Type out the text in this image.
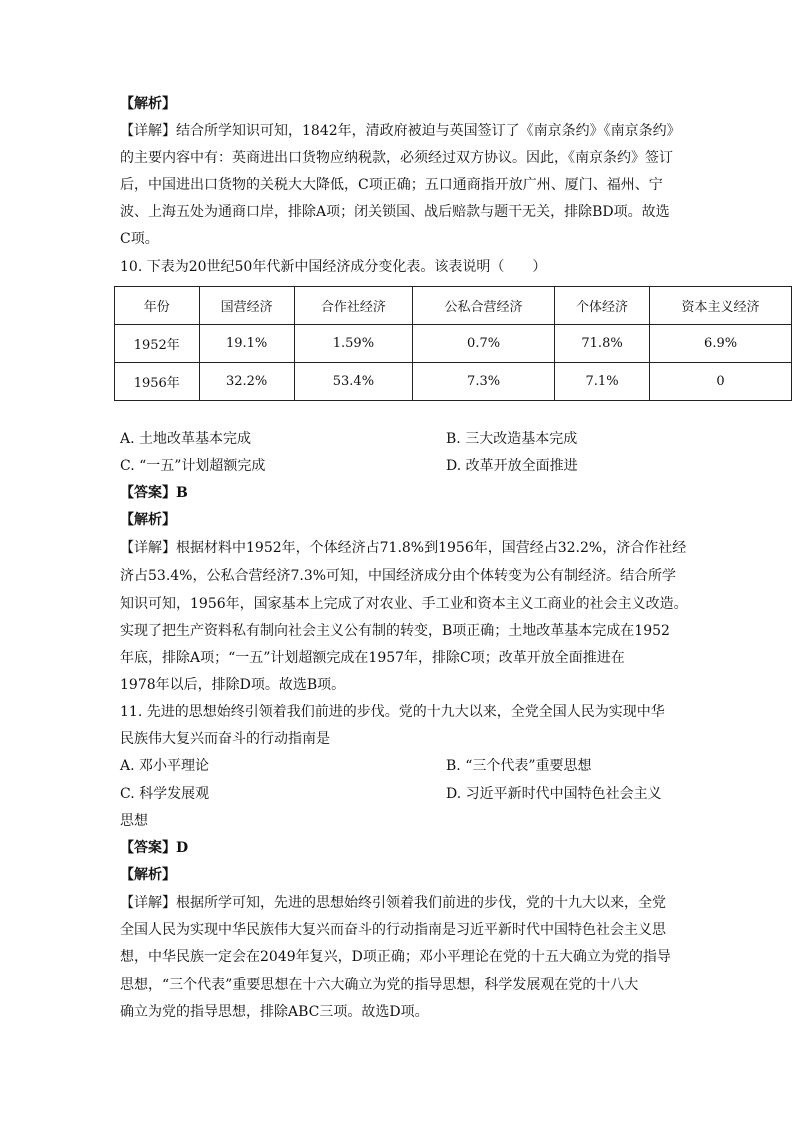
【解析】
【详解】结合所学知识可知，1842年，清政府被迫与英国签订了《南京条约》《南京条约》
的主要内容中有：英商进出口货物应纳税款，必须经过双方协议。因此，《南京条约》签订
后，中国进出口货物的关税大大降低，C项正确；五口通商指开放广州、厦门、福州、宁
波、上海五处为通商口岸，排除A项；闭关锁国、战后赔款与题干无关，排除BD项。故选
C项。
10. 下表为20世纪50年代新中国经济成分变化表。该表说明（　　）
年份	国营经济	合作社经济	公私合营经济	个体经济	资本主义经济
1952年	19.1%	1.59%	0.7%	71.8%	6.9%
1956年	32.2%	53.4%	7.3%	7.1%	0
A. 土地改革基本完成	B. 三大改造基本完成
C. “一五”计划超额完成	D. 改革开放全面推进
【答案】B
【解析】
【详解】根据材料中1952年，个体经济占71.8%到1956年，国营经占32.2%，济合作社经
济占53.4%，公私合营经济7.3%可知，中国经济成分由个体转变为公有制经济。结合所学
知识可知，1956年，国家基本上完成了对农业、手工业和资本主义工商业的社会主义改造。
实现了把生产资料私有制向社会主义公有制的转变，B项正确；土地改革基本完成在1952
年底，排除A项；“一五”计划超额完成在1957年，排除C项；改革开放全面推进在
1978年以后，排除D项。故选B项。
11. 先进的思想始终引领着我们前进的步伐。党的十九大以来，全党全国人民为实现中华
民族伟大复兴而奋斗的行动指南是
A. 邓小平理论	B. “三个代表”重要思想
C. 科学发展观	D. 习近平新时代中国特色社会主义
思想
【答案】D
【解析】
【详解】根据所学可知，先进的思想始终引领着我们前进的步伐，党的十九大以来，全党
全国人民为实现中华民族伟大复兴而奋斗的行动指南是习近平新时代中国特色社会主义思
想，中华民族一定会在2049年复兴，D项正确；邓小平理论在党的十五大确立为党的指导
思想，“三个代表”重要思想在十六大确立为党的指导思想，科学发展观在党的十八大
确立为党的指导思想，排除ABC三项。故选D项。
